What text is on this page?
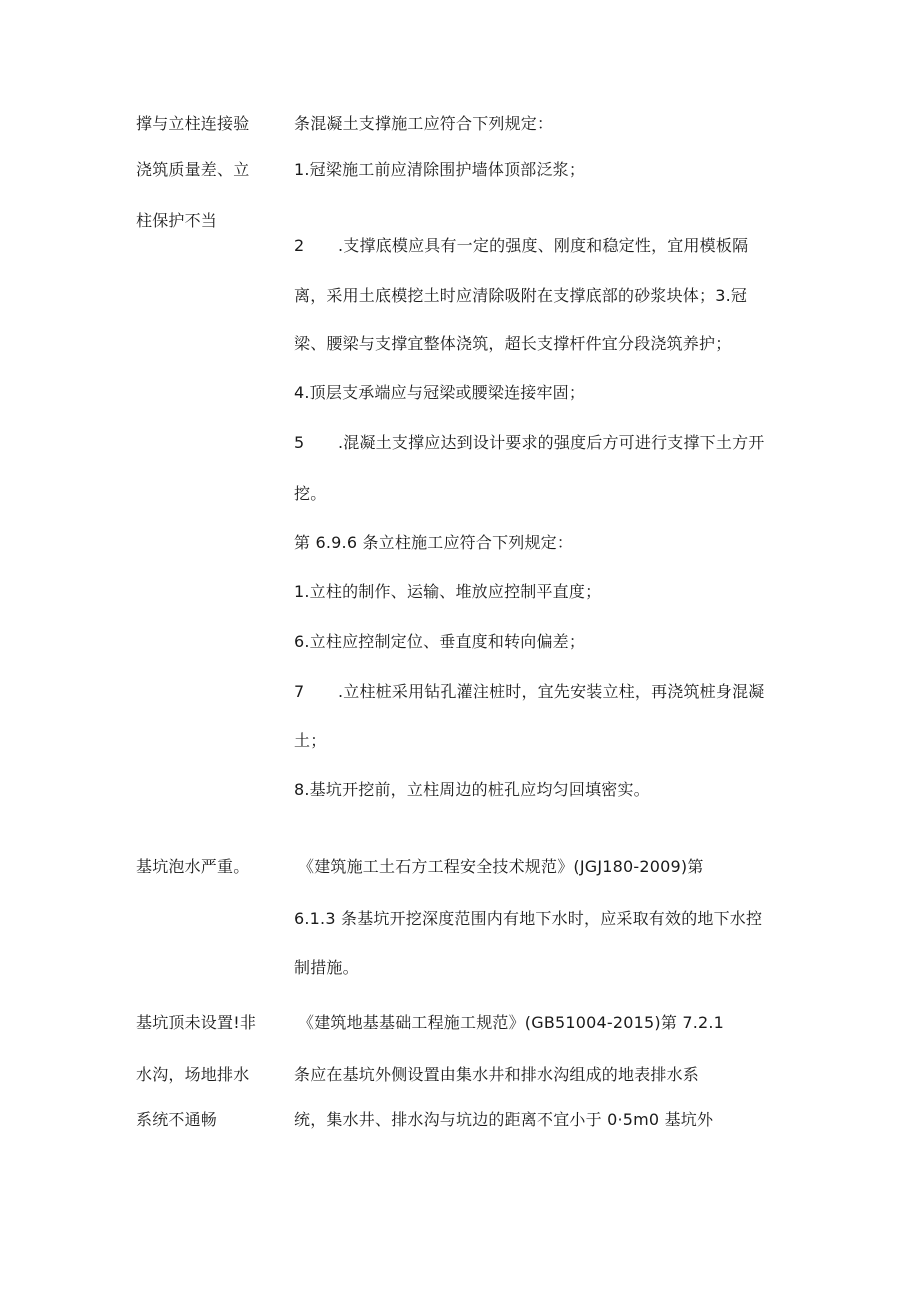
撑与立柱连接验
浇筑质量差、立
柱保护不当
基坑泡水严重。
基坑顶未设置!非
水沟，场地排水
系统不通畅
条混凝土支撑施工应符合下列规定：
1.冠梁施工前应清除围护墙体顶部泛浆；
2 .支撑底模应具有一定的强度、刚度和稳定性，宜用模板隔
离，采用土底模挖土时应清除吸附在支撑底部的砂浆块体；3.冠
梁、腰梁与支撑宜整体浇筑，超长支撑杆件宜分段浇筑养护；
4.顶层支承端应与冠梁或腰梁连接牢固；
5 .混凝土支撑应达到设计要求的强度后方可进行支撑下土方开
挖。
第 6.9.6 条立柱施工应符合下列规定：
1.立柱的制作、运输、堆放应控制平直度；
6.立柱应控制定位、垂直度和转向偏差；
7 .立柱桩采用钻孔灌注桩时，宜先安装立柱，再浇筑桩身混凝
土；
8.基坑开挖前，立柱周边的桩孔应均匀回填密实。
《建筑施工土石方工程安全技术规范》(JGJ180-2009)第
6.1.3 条基坑开挖深度范围内有地下水时，应采取有效的地下水控
制措施。
《建筑地基基础工程施工规范》(GB51004-2015)第 7.2.1
条应在基坑外侧设置由集水井和排水沟组成的地表排水系
统，集水井、排水沟与坑边的距离不宜小于 0·5m0 基坑外
